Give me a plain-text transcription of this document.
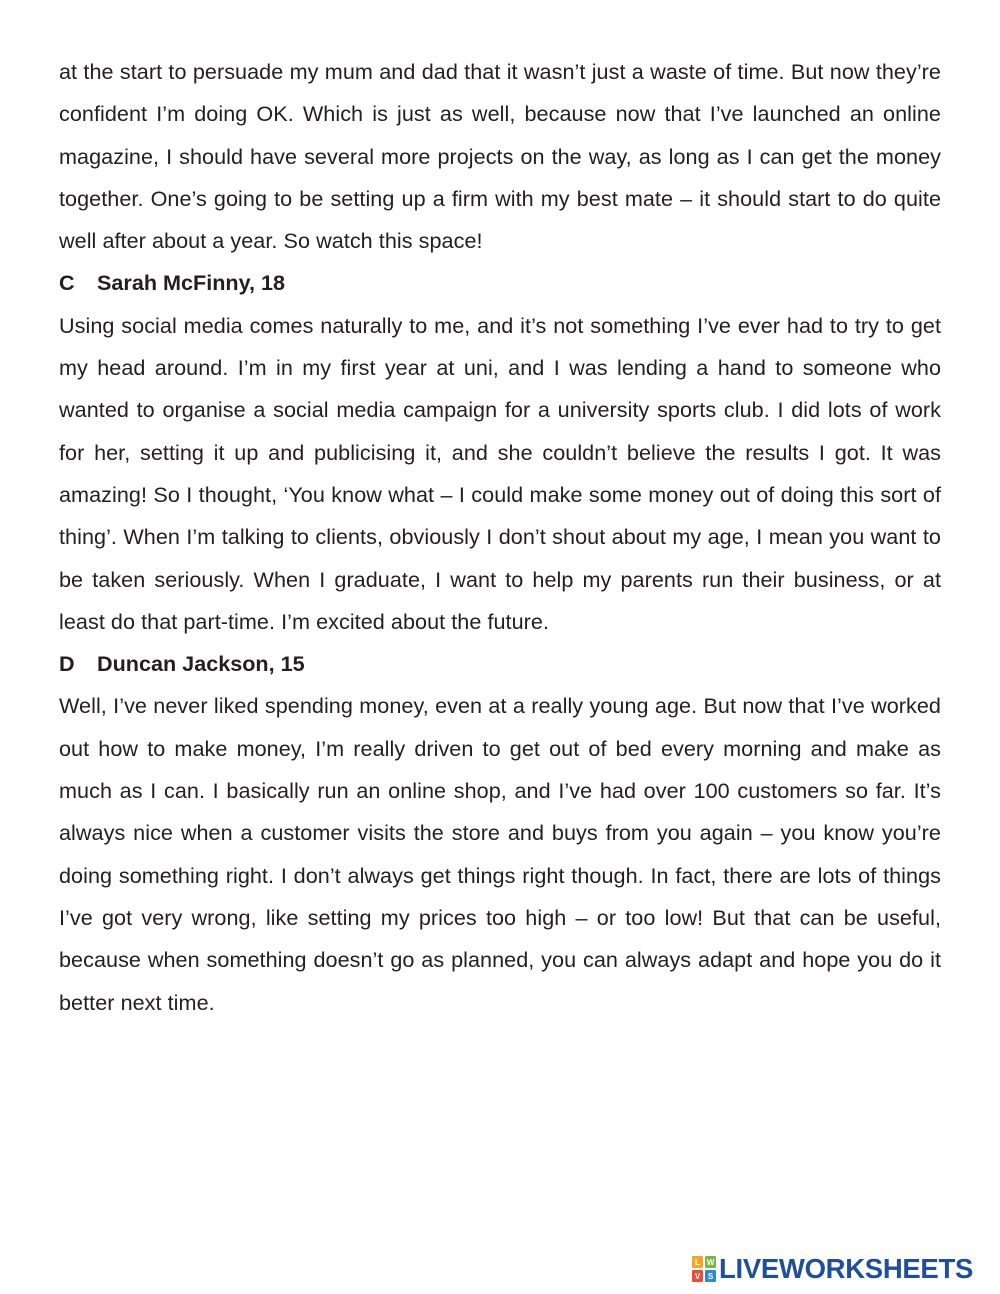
at the start to persuade my mum and dad that it wasn’t just a waste of time. But now they’re confident I’m doing OK. Which is just as well, because now that I’ve launched an online magazine, I should have several more projects on the way, as long as I can get the money together. One’s going to be setting up a firm with my best mate – it should start to do quite well after about a year. So watch this space!

C Sarah McFinny, 18

Using social media comes naturally to me, and it’s not something I’ve ever had to try to get my head around. I’m in my first year at uni, and I was lending a hand to someone who wanted to organise a social media campaign for a university sports club. I did lots of work for her, setting it up and publicising it, and she couldn’t believe the results I got. It was amazing! So I thought, ‘You know what – I could make some money out of doing this sort of thing’. When I’m talking to clients, obviously I don’t shout about my age, I mean you want to be taken seriously. When I graduate, I want to help my parents run their business, or at least do that part-time. I’m excited about the future.

D Duncan Jackson, 15

Well, I’ve never liked spending money, even at a really young age. But now that I’ve worked out how to make money, I’m really driven to get out of bed every morning and make as much as I can. I basically run an online shop, and I’ve had over 100 customers so far. It’s always nice when a customer visits the store and buys from you again – you know you’re doing something right. I don’t always get things right though. In fact, there are lots of things I’ve got very wrong, like setting my prices too high – or too low! But that can be useful, because when something doesn’t go as planned, you can always adapt and hope you do it better next time.

L W
V S LIVEWORKSHEETS
